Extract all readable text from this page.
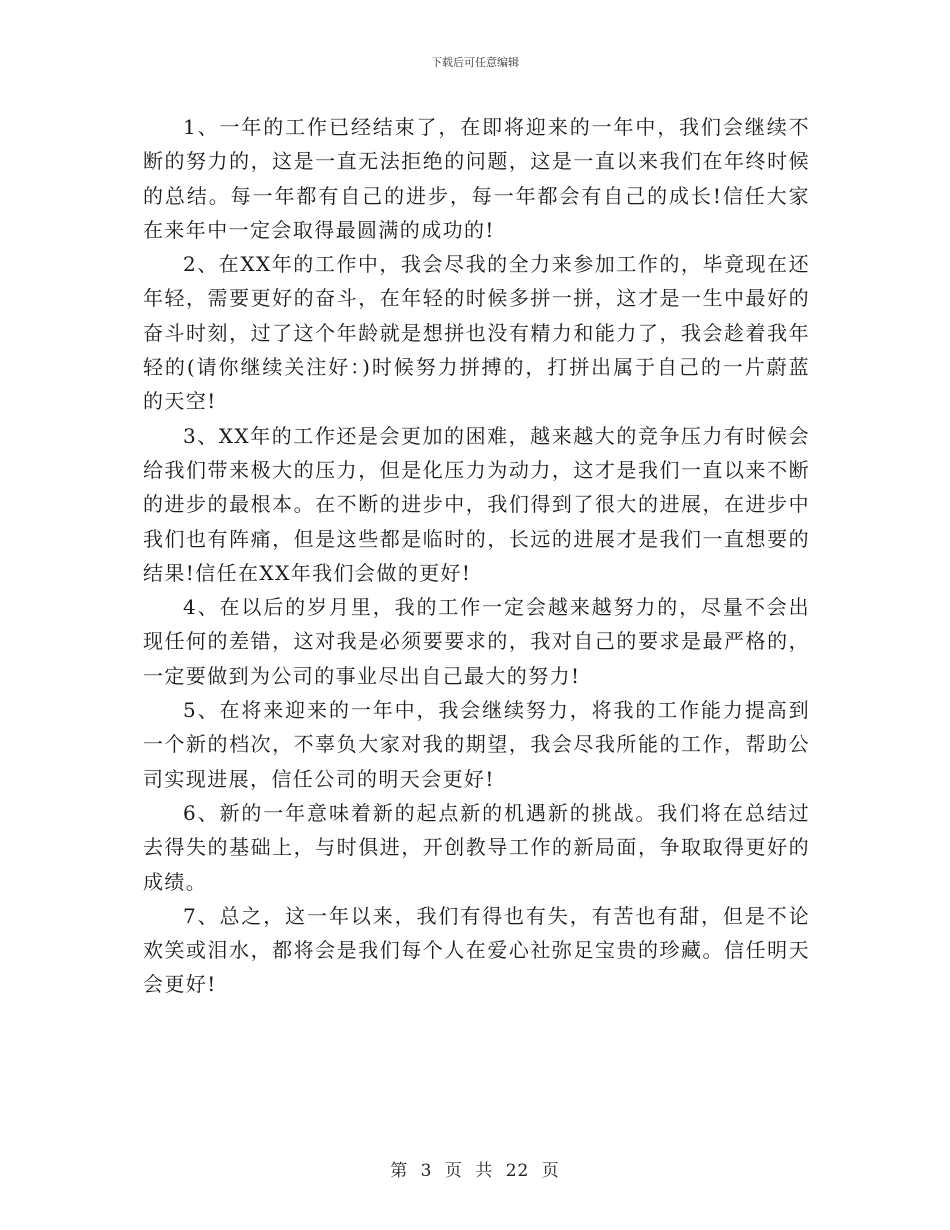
下载后可任意编辑

1、一年的工作已经结束了，在即将迎来的一年中，我们会继续不断的努力的，这是一直无法拒绝的问题，这是一直以来我们在年终时候的总结。每一年都有自己的进步，每一年都会有自己的成长!信任大家在来年中一定会取得最圆满的成功的!

2、在XX年的工作中，我会尽我的全力来参加工作的，毕竟现在还年轻，需要更好的奋斗，在年轻的时候多拼一拼，这才是一生中最好的奋斗时刻，过了这个年龄就是想拼也没有精力和能力了，我会趁着我年轻的(请你继续关注好：)时候努力拼搏的，打拼出属于自己的一片蔚蓝的天空!

3、XX年的工作还是会更加的困难，越来越大的竞争压力有时候会给我们带来极大的压力，但是化压力为动力，这才是我们一直以来不断的进步的最根本。在不断的进步中，我们得到了很大的进展，在进步中我们也有阵痛，但是这些都是临时的，长远的进展才是我们一直想要的结果!信任在XX年我们会做的更好!

4、在以后的岁月里，我的工作一定会越来越努力的，尽量不会出现任何的差错，这对我是必须要要求的，我对自己的要求是最严格的，一定要做到为公司的事业尽出自己最大的努力!

5、在将来迎来的一年中，我会继续努力，将我的工作能力提高到一个新的档次，不辜负大家对我的期望，我会尽我所能的工作，帮助公司实现进展，信任公司的明天会更好!

6、新的一年意味着新的起点新的机遇新的挑战。我们将在总结过去得失的基础上，与时俱进，开创教导工作的新局面，争取取得更好的成绩。

7、总之，这一年以来，我们有得也有失，有苦也有甜，但是不论欢笑或泪水，都将会是我们每个人在爱心社弥足宝贵的珍藏。信任明天会更好!

第 3 页 共 22 页
